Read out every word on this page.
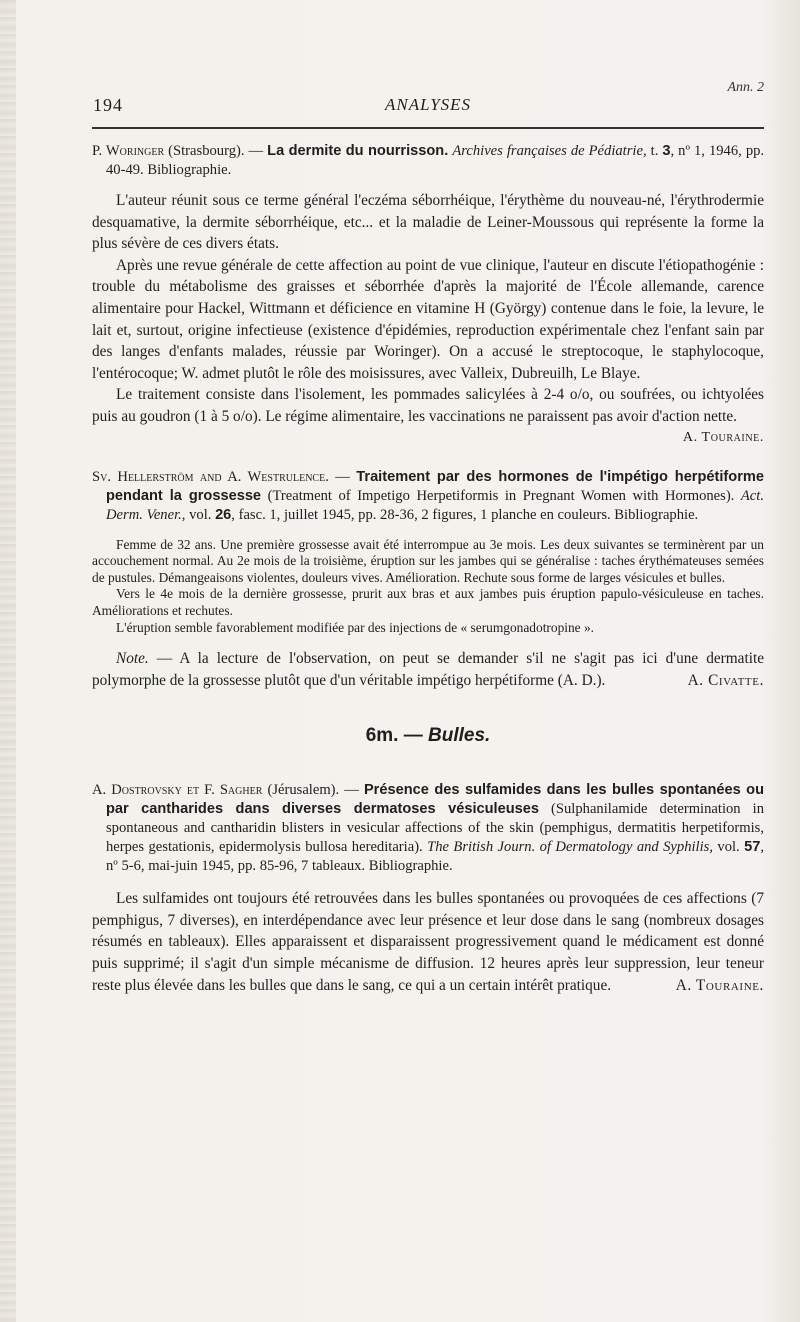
Ann. 2
194	ANALYSES

P. Woringer (Strasbourg). — La dermite du nourrisson. Archives françaises de Pédiatrie, t. 3, nº 1, 1946, pp. 40-49. Bibliographie.

L'auteur réunit sous ce terme général l'eczéma séborrhéique, l'érythème du nouveau-né, l'érythrodermie desquamative, la dermite séborrhéique, etc... et la maladie de Leiner-Moussous qui représente la forme la plus sévère de ces divers états.

Après une revue générale de cette affection au point de vue clinique, l'auteur en discute l'étiopathogénie : trouble du métabolisme des graisses et séborrhée d'après la majorité de l'École allemande, carence alimentaire pour Hackel, Wittmann et déficience en vitamine H (György) contenue dans le foie, la levure, le lait et, surtout, origine infectieuse (existence d'épidémies, reproduction expérimentale chez l'enfant sain par des langes d'enfants malades, réussie par Woringer). On a accusé le streptocoque, le staphylocoque, l'entérocoque; W. admet plutôt le rôle des moisissures, avec Valleix, Dubreuilh, Le Blaye.

Le traitement consiste dans l'isolement, les pommades salicylées à 2-4 o/o, ou soufrées, ou ichtyolées puis au goudron (1 à 5 o/o). Le régime alimentaire, les vaccinations ne paraissent pas avoir d'action nette.

A. Touraine.

Sv. Hellerström and A. Westrulence. — Traitement par des hormones de l'impétigo herpétiforme pendant la grossesse (Treatment of Impetigo Herpetiformis in Pregnant Women with Hormones). Act. Derm. Vener., vol. 26, fasc. 1, juillet 1945, pp. 28-36, 2 figures, 1 planche en couleurs. Bibliographie.

Femme de 32 ans. Une première grossesse avait été interrompue au 3e mois. Les deux suivantes se terminèrent par un accouchement normal. Au 2e mois de la troisième, éruption sur les jambes qui se généralise : taches érythémateuses semées de pustules. Démangeaisons violentes, douleurs vives. Amélioration. Rechute sous forme de larges vésicules et bulles.

Vers le 4e mois de la dernière grossesse, prurit aux bras et aux jambes puis éruption papulo-vésiculeuse en taches. Améliorations et rechutes.

L'éruption semble favorablement modifiée par des injections de « serumgonadotropine ».

Note. — A la lecture de l'observation, on peut se demander s'il ne s'agit pas ici d'une dermatite polymorphe de la grossesse plutôt que d'un véritable impétigo herpétiforme (A. D.).	A. Civatte.

6m. — Bulles.

A. Dostrovsky et F. Sagher (Jérusalem). — Présence des sulfamides dans les bulles spontanées ou par cantharides dans diverses dermatoses vésiculeuses (Sulphanilamide determination in spontaneous and cantharidin blisters in vesicular affections of the skin (pemphigus, dermatitis herpetiformis, herpes gestationis, epidermolysis bullosa hereditaria). The British Journ. of Dermatology and Syphilis, vol. 57, nº 5-6, mai-juin 1945, pp. 85-96, 7 tableaux. Bibliographie.

Les sulfamides ont toujours été retrouvées dans les bulles spontanées ou provoquées de ces affections (7 pemphigus, 7 diverses), en interdépendance avec leur présence et leur dose dans le sang (nombreux dosages résumés en tableaux). Elles apparaissent et disparaissent progressivement quand le médicament est donné puis supprimé; il s'agit d'un simple mécanisme de diffusion. 12 heures après leur suppression, leur teneur reste plus élevée dans les bulles que dans le sang, ce qui a un certain intérêt pratique.	A. Touraine.
